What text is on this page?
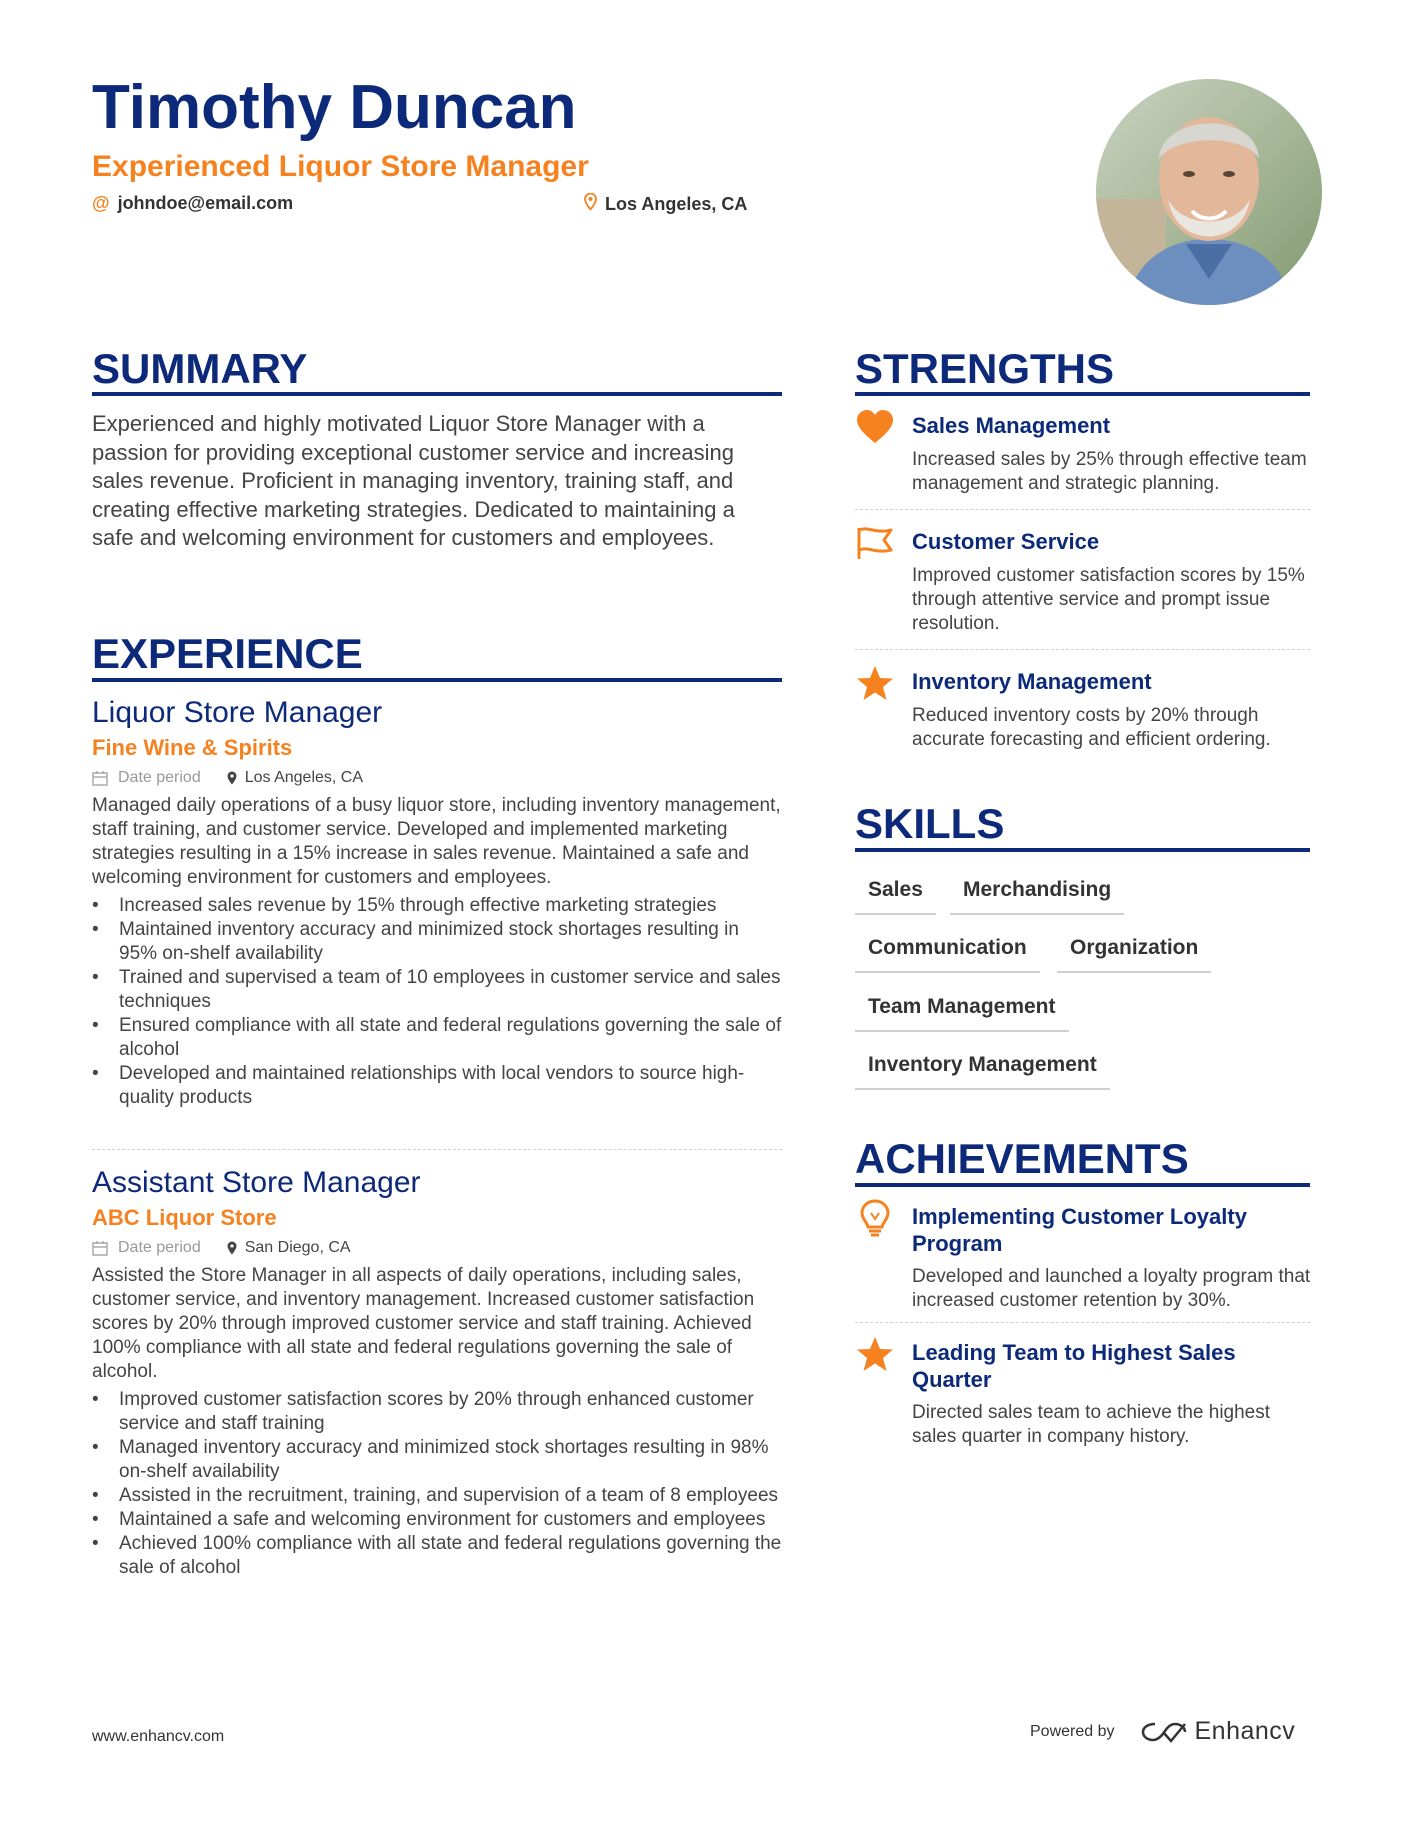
Timothy Duncan
Experienced Liquor Store Manager
@ johndoe@email.com	Los Angeles, CA
SUMMARY
Experienced and highly motivated Liquor Store Manager with a passion for providing exceptional customer service and increasing sales revenue. Proficient in managing inventory, training staff, and creating effective marketing strategies. Dedicated to maintaining a safe and welcoming environment for customers and employees.
EXPERIENCE
Liquor Store Manager
Fine Wine & Spirits
Date period	Los Angeles, CA
Managed daily operations of a busy liquor store, including inventory management, staff training, and customer service. Developed and implemented marketing strategies resulting in a 15% increase in sales revenue. Maintained a safe and welcoming environment for customers and employees.
• Increased sales revenue by 15% through effective marketing strategies
• Maintained inventory accuracy and minimized stock shortages resulting in 95% on-shelf availability
• Trained and supervised a team of 10 employees in customer service and sales techniques
• Ensured compliance with all state and federal regulations governing the sale of alcohol
• Developed and maintained relationships with local vendors to source high-quality products
Assistant Store Manager
ABC Liquor Store
Date period	San Diego, CA
Assisted the Store Manager in all aspects of daily operations, including sales, customer service, and inventory management. Increased customer satisfaction scores by 20% through improved customer service and staff training. Achieved 100% compliance with all state and federal regulations governing the sale of alcohol.
• Improved customer satisfaction scores by 20% through enhanced customer service and staff training
• Managed inventory accuracy and minimized stock shortages resulting in 98% on-shelf availability
• Assisted in the recruitment, training, and supervision of a team of 8 employees
• Maintained a safe and welcoming environment for customers and employees
• Achieved 100% compliance with all state and federal regulations governing the sale of alcohol
STRENGTHS
Sales Management
Increased sales by 25% through effective team management and strategic planning.
Customer Service
Improved customer satisfaction scores by 15% through attentive service and prompt issue resolution.
Inventory Management
Reduced inventory costs by 20% through accurate forecasting and efficient ordering.
SKILLS
Sales	Merchandising
Communication	Organization
Team Management
Inventory Management
ACHIEVEMENTS
Implementing Customer Loyalty Program
Developed and launched a loyalty program that increased customer retention by 30%.
Leading Team to Highest Sales Quarter
Directed sales team to achieve the highest sales quarter in company history.
www.enhancv.com	Powered by	Enhancv
